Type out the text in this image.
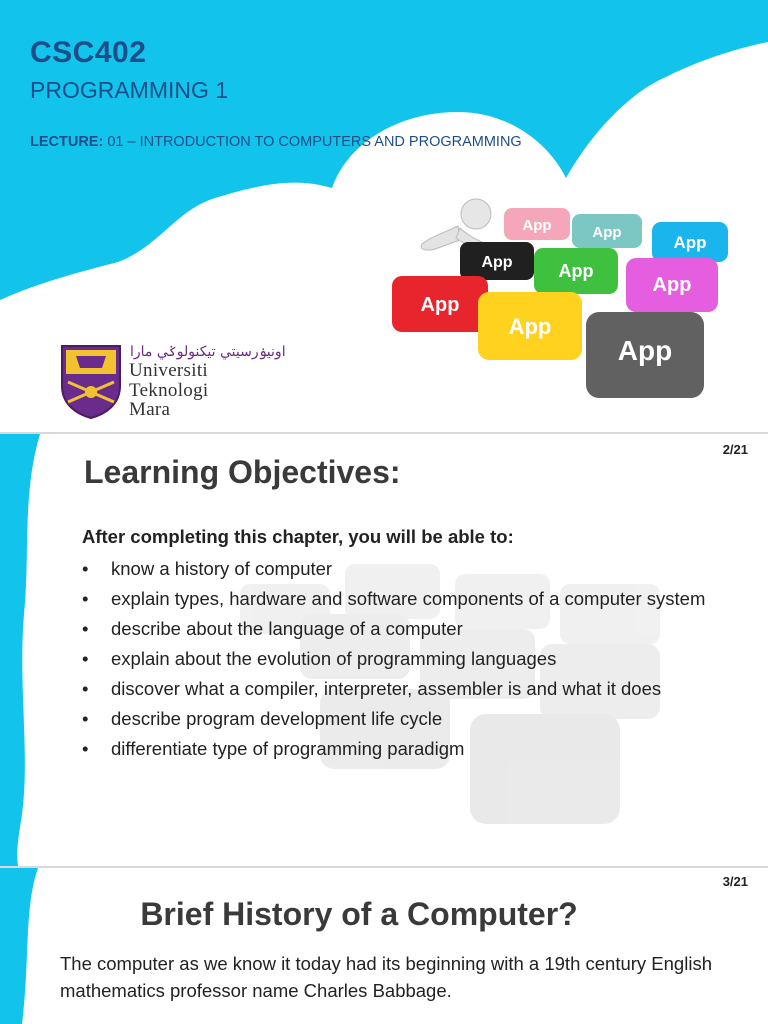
CSC402
PROGRAMMING 1
LECTURE: 01 – INTRODUCTION TO COMPUTERS AND PROGRAMMING
App	App
App
App	App
App
App
App
App
اونيۏرسيتي تيكنولوݢي مارا
Universiti
Teknologi
Mara
2/21
Learning Objectives:
After completing this chapter, you will be able to:
• know a history of computer
• explain types, hardware and software components of a computer system
• describe about the language of a computer
• explain about the evolution of programming languages
• discover what a compiler, interpreter, assembler is and what it does
• describe program development life cycle
• differentiate type of programming paradigm
3/21
Brief History of a Computer?
The computer as we know it today had its beginning with a 19th century English mathematics professor name Charles Babbage.
